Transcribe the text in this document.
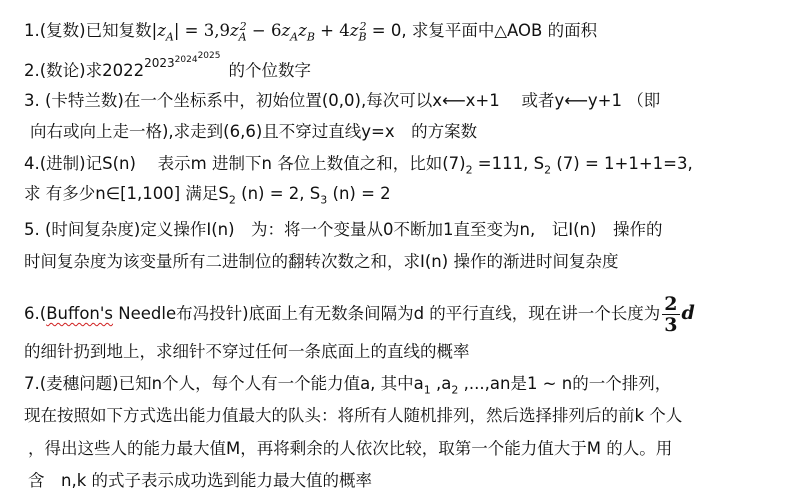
1.(复数)已知复数$|z_A| = 3,9z_A^2 - 6z_Az_B + 4z_B^2 = 0$, 求复平面中△AOB 的面积
2.(数论)求$2022^{202320242025}$的个位数字
3. (卡特兰数)在一个坐标系中，初始位置(0,0),每次可以x⟵x+1　 或者y⟵y+1 （即
向右或向上走一格),求走到(6,6)且不穿过直线y=x　的方案数
4.(进制)记S(n)　 表示m 进制下n 各位上数值之和，比如$(7)_2 =111$, $S_2$ (7) = 1+1+1=3,
求 有多少n∈[1,100] 满足$S_2$ (n) = 2, $S_3$ (n) = 2
5. (时间复杂度)定义操作I(n)　为：将一个变量从0不断加1直至变为n,　记I(n)　操作的
时间复杂度为该变量所有二进制位的翻转次数之和，求I(n) 操作的渐进时间复杂度
6.(Buffon's Needle布冯投针)底面上有无数条间隔为d 的平行直线，现在讲一个长度为 $\frac{2}{3}$ d
的细针扔到地上，求细针不穿过任何一条底面上的直线的概率
7.(麦穗问题)已知n个人，每个人有一个能力值a, 其中$a_1$ $,a_2$ ,...,an是1 ~ n的一个排列，
现在按照如下方式选出能力值最大的队头：将所有人随机排列，然后选择排列后的前k 个人
，得出这些人的能力最大值M，再将剩余的人依次比较，取第一个能力值大于M 的人。用
含　n,k 的式子表示成功选到能力最大值的概率
